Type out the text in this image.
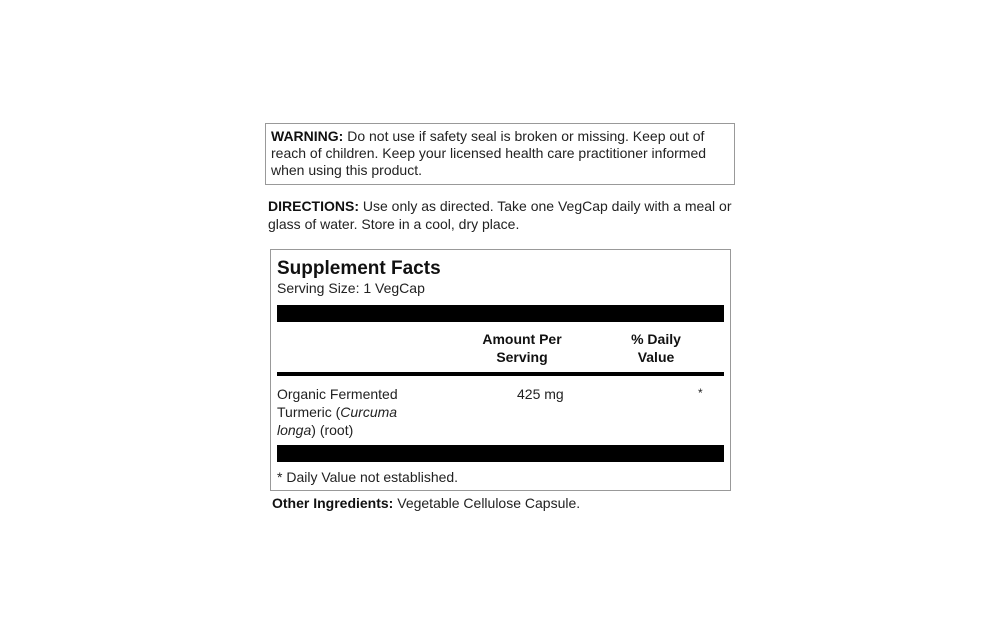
WARNING: Do not use if safety seal is broken or missing. Keep out of reach of children. Keep your licensed health care practitioner informed when using this product.
DIRECTIONS: Use only as directed. Take one VegCap daily with a meal or glass of water. Store in a cool, dry place.
Supplement Facts
Serving Size: 1 VegCap
Amount Per
Serving
% Daily
Value
Organic Fermented Turmeric (Curcuma longa) (root)
425 mg	*
* Daily Value not established.
Other Ingredients: Vegetable Cellulose Capsule.
